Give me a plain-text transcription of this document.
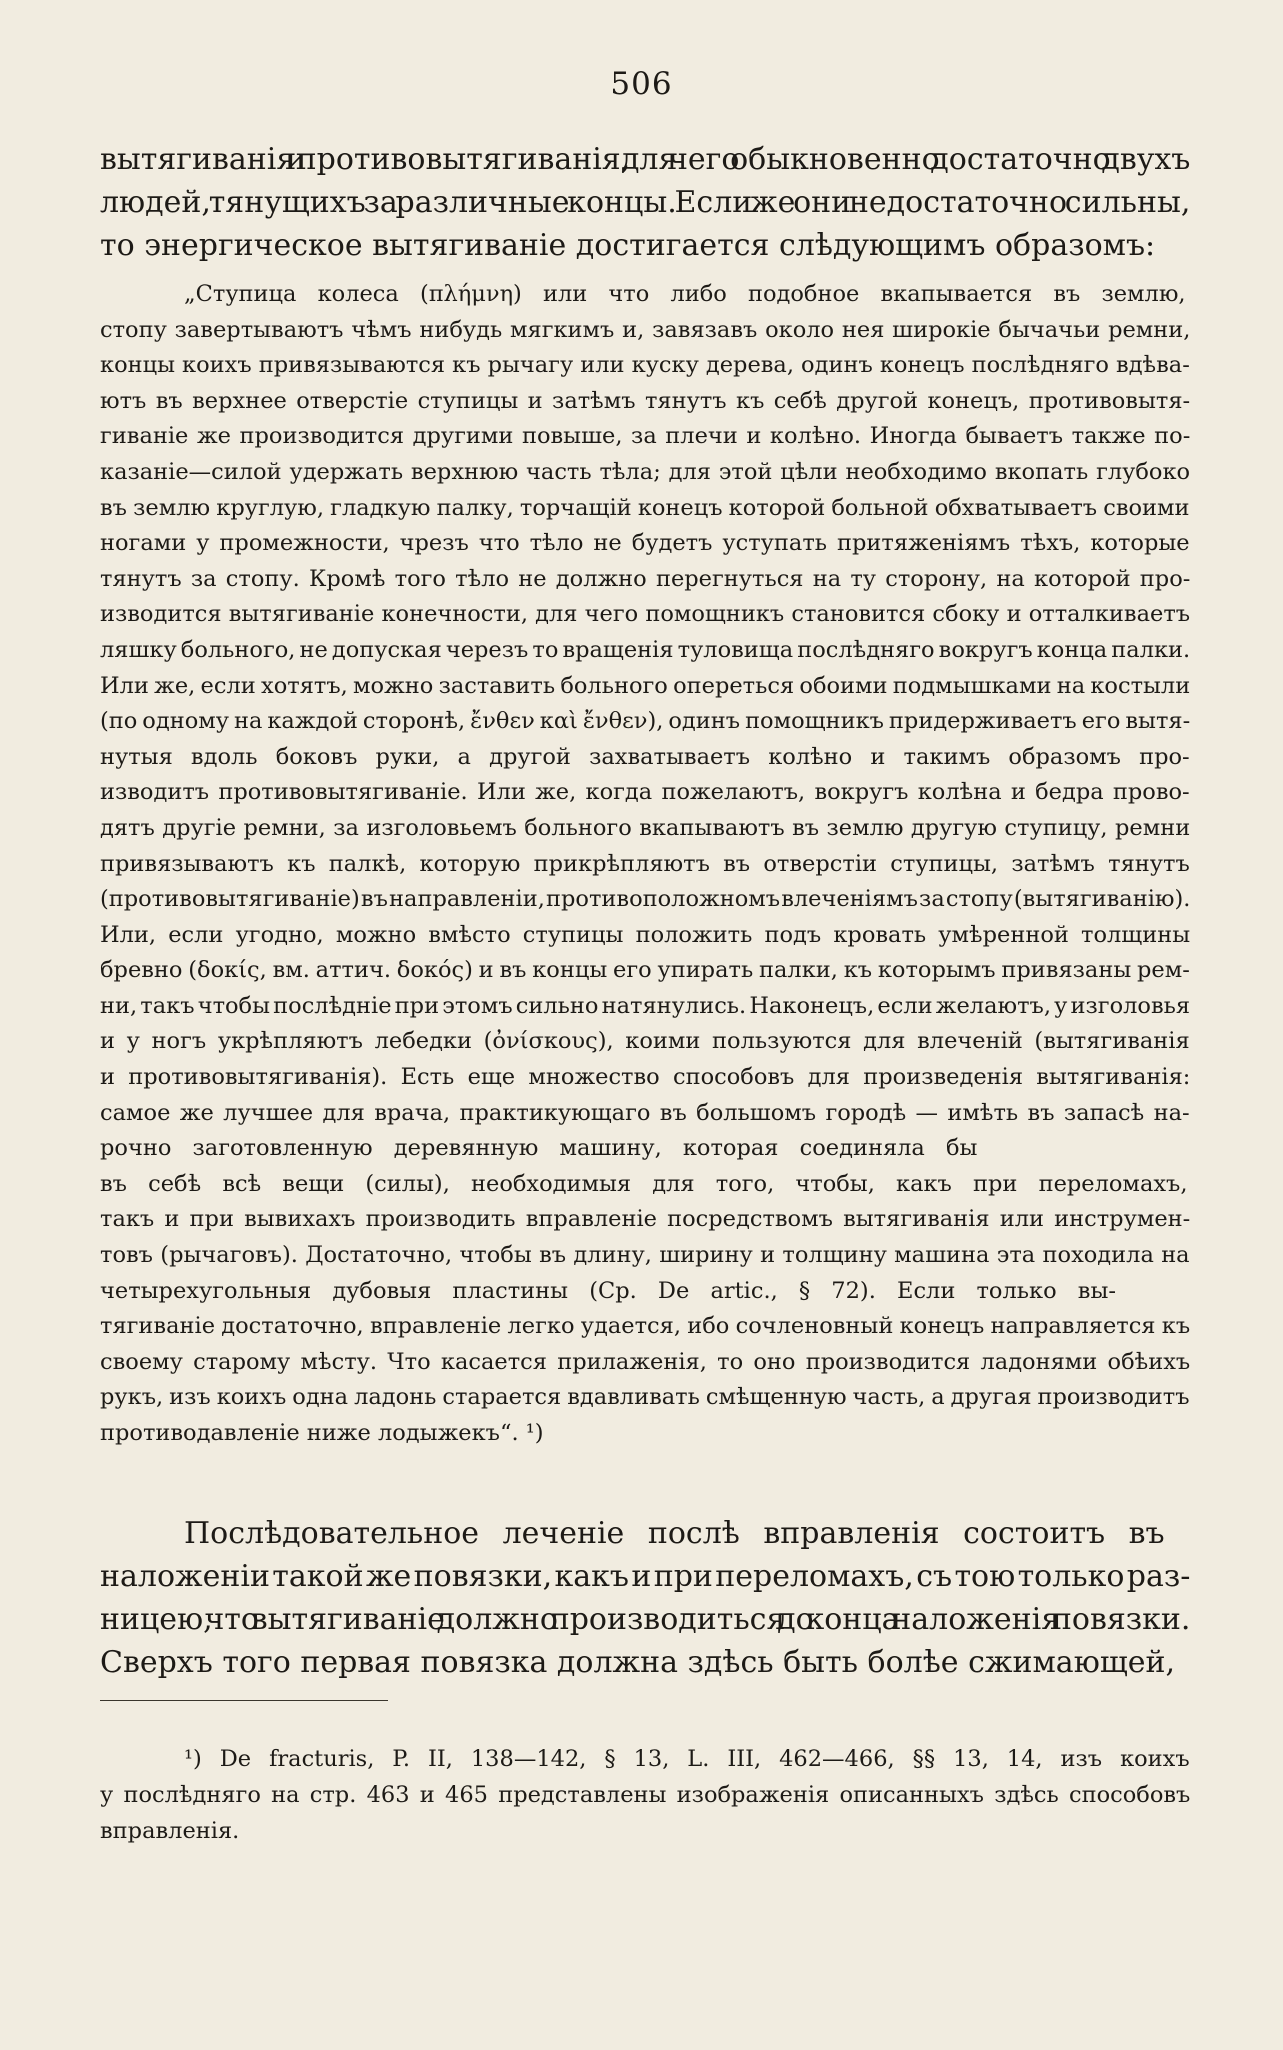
506
вытягиванія и противовытягиванія, для чего обыкновенно достаточно двухъ
людей, тянущихъ за различные концы. Если же они недостаточно сильны,
то энергическое вытягиваніе достигается слѣдующимъ образомъ:
„Ступица колеса (πλήμνη) или что либо подобное вкапывается въ землю,
стопу завертываютъ чѣмъ нибудь мягкимъ и, завязавъ около нея широкіе бычачьи ремни,
концы коихъ привязываются къ рычагу или куску дерева, одинъ конецъ послѣдняго вдѣва-
ютъ въ верхнее отверстіе ступицы и затѣмъ тянутъ къ себѣ другой конецъ, противовытя-
гиваніе же производится другими повыше, за плечи и колѣно. Иногда бываетъ также по-
казаніе—силой удержать верхнюю часть тѣла; для этой цѣли необходимо вкопать глубоко
въ землю круглую, гладкую палку, торчащій конецъ которой больной обхватываетъ своими
ногами у промежности, чрезъ что тѣло не будетъ уступать притяженіямъ тѣхъ, которые
тянутъ за стопу. Кромѣ того тѣло не должно перегнуться на ту сторону, на которой про-
изводится вытягиваніе конечности, для чего помощникъ становится сбоку и отталкиваетъ
ляшку больного, не допуская черезъ то вращенія туловища послѣдняго вокругъ конца палки.
Или же, если хотятъ, можно заставить больного опереться обоими подмышками на костыли
(по одному на каждой сторонѣ, ἔνθεν καὶ ἔνθεν), одинъ помощникъ придерживаетъ его вытя-
нутыя вдоль боковъ руки, а другой захватываетъ колѣно и такимъ образомъ про-
изводитъ противовытягиваніе. Или же, когда пожелаютъ, вокругъ колѣна и бедра прово-
дятъ другіе ремни, за изголовьемъ больного вкапываютъ въ землю другую ступицу, ремни
привязываютъ къ палкѣ, которую прикрѣпляютъ въ отверстіи ступицы, затѣмъ тянутъ
(противовытягиваніе) въ направленіи, противоположномъ влеченіямъ за стопу (вытягиванію).
Или, если угодно, можно вмѣсто ступицы положить подъ кровать умѣренной толщины
бревно (δοκίς, вм. аттич. δοκός) и въ концы его упирать палки, къ которымъ привязаны рем-
ни, такъ чтобы послѣдніе при этомъ сильно натянулись. Наконецъ, если желаютъ, у изголовья
и у ногъ укрѣпляютъ лебедки (ὀνίσκους), коими пользуются для влеченій (вытягиванія
и противовытягиванія). Есть еще множество способовъ для произведенія вытягиванія:
самое же лучшее для врача, практикующаго въ большомъ городѣ — имѣть въ запасѣ на-
рочно заготовленную деревянную машину, которая соединяла бы
въ себѣ всѣ вещи (силы), необходимыя для того, чтобы, какъ при переломахъ,
такъ и при вывихахъ производить вправленіе посредствомъ вытягиванія или инструмен-
товъ (рычаговъ). Достаточно, чтобы въ длину, ширину и толщину машина эта походила на
четырехугольныя дубовыя пластины (Ср. De artic., § 72). Если только вы-
тягиваніе достаточно, вправленіе легко удается, ибо сочленовный конецъ направляется къ
своему старому мѣсту. Что касается прилаженія, то оно производится ладонями обѣихъ
рукъ, изъ коихъ одна ладонь старается вдавливать смѣщенную часть, а другая производитъ
противодавленіе ниже лодыжекъ“. ¹)
Послѣдовательное леченіе послѣ вправленія состоитъ въ
наложеніи такой же повязки, какъ и при переломахъ, съ тою только раз-
ницею, что вытягиваніе должно производиться до конца наложенія повязки.
Сверхъ того первая повязка должна здѣсь быть болѣе сжимающей,
¹) De fracturis, P. II, 138—142, § 13, L. III, 462—466, §§ 13, 14, изъ коихъ
у послѣдняго на стр. 463 и 465 представлены изображенія описанныхъ здѣсь способовъ
вправленія.
